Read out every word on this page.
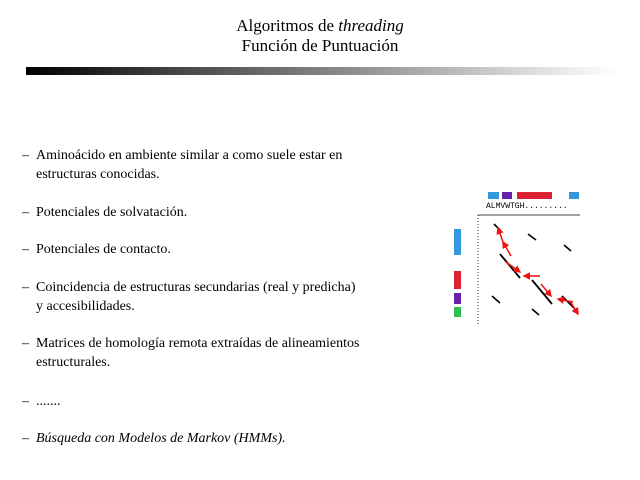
Algoritmos de threading
Función de Puntuación
– Aminoácido en ambiente similar a como suele estar en
estructuras conocidas.
– Potenciales de solvatación.
– Potenciales de contacto.
– Coincidencia de estructuras secundarias (real y predicha)
y accesibilidades.
– Matrices de homología remota extraídas de alineamientos
estructurales.
– .......
– Búsqueda con Modelos de Markov (HMMs).
ALMVWTGH.........
